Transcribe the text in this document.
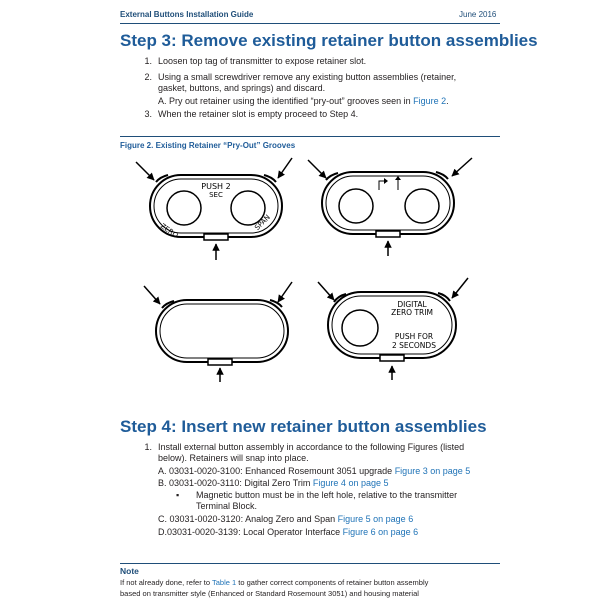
External Buttons Installation Guide	June 2016
Step 3: Remove existing retainer button assemblies
1. Loosen top tag of transmitter to expose retainer slot.
2. Using a small screwdriver remove any existing button assemblies (retainer,
gasket, buttons, and springs) and discard.
A. Pry out retainer using the identified “pry-out” grooves seen in Figure 2.
3. When the retainer slot is empty proceed to Step 4.
Figure 2. Existing Retainer “Pry-Out” Grooves
PUSH 2
SEC
ZERO	SPAN
DIGITAL
ZERO TRIM
PUSH FOR
2 SECONDS
Step 4: Insert new retainer button assemblies
1. Install external button assembly in accordance to the following Figures (listed
below). Retainers will snap into place.
A. 03031-0020-3100: Enhanced Rosemount 3051 upgrade Figure 3 on page 5
B. 03031-0020-3110: Digital Zero Trim Figure 4 on page 5
▪ Magnetic button must be in the left hole, relative to the transmitter
Terminal Block.
C. 03031-0020-3120: Analog Zero and Span Figure 5 on page 6
D.03031-0020-3139: Local Operator Interface Figure 6 on page 6
Note
If not already done, refer to Table 1 to gather correct components of retainer button assembly
based on transmitter style (Enhanced or Standard Rosemount 3051) and housing material
